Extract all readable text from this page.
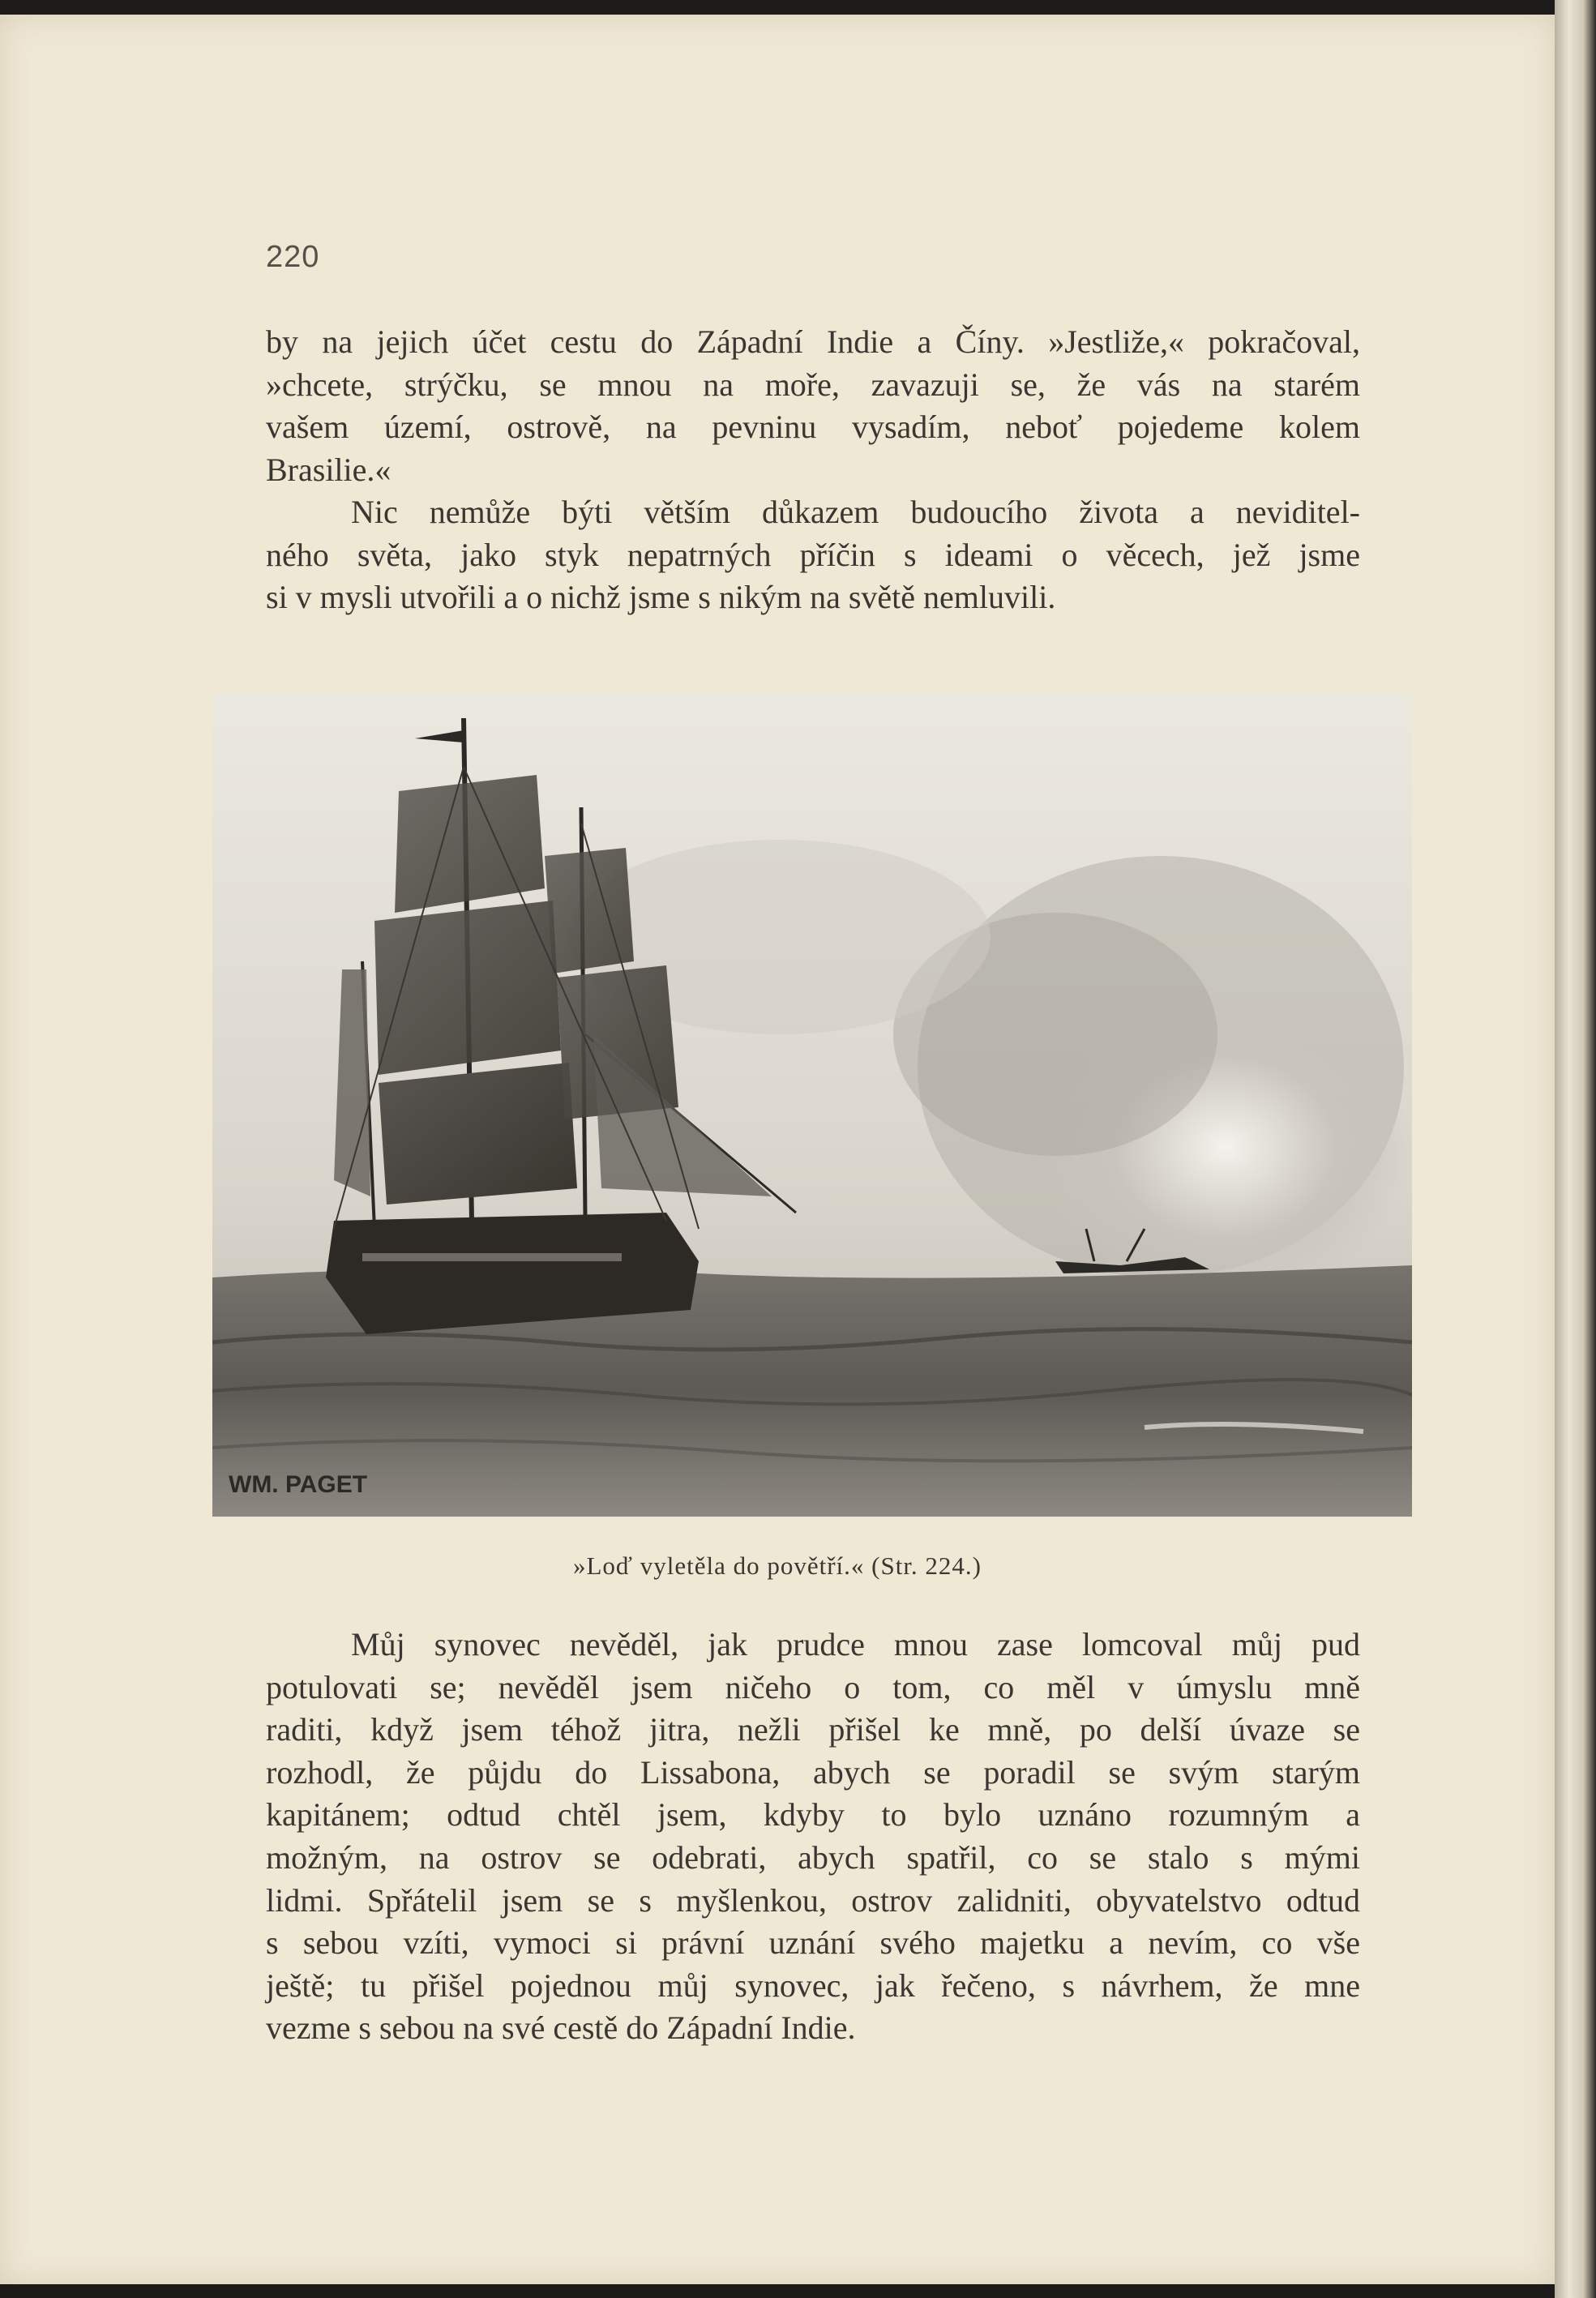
220

by na jejich účet cestu do Západní Indie a Číny. »Jestliže,« pokračoval,
»chcete, strýčku, se mnou na moře, zavazuji se, že vás na starém
vašem území, ostrově, na pevninu vysadím, neboť pojedeme kolem
Brasilie.«

Nic nemůže býti větším důkazem budoucího života a neviditel-
ného světa, jako styk nepatrných příčin s ideami o věcech, jež jsme
si v mysli utvořili a o nichž jsme s nikým na světě nemluvili.

WM. PAGET
»Loď vyletěla do povětří.« (Str. 224.)

Můj synovec nevěděl, jak prudce mnou zase lomcoval můj pud
potulovati se; nevěděl jsem ničeho o tom, co měl v úmyslu mně
raditi, když jsem téhož jitra, nežli přišel ke mně, po delší úvaze se
rozhodl, že půjdu do Lissabona, abych se poradil se svým starým
kapitánem; odtud chtěl jsem, kdyby to bylo uznáno rozumným a
možným, na ostrov se odebrati, abych spatřil, co se stalo s mými
lidmi. Spřátelil jsem se s myšlenkou, ostrov zalidniti, obyvatelstvo odtud
s sebou vzíti, vymoci si právní uznání svého majetku a nevím, co vše
ještě; tu přišel pojednou můj synovec, jak řečeno, s návrhem, že mne
vezme s sebou na své cestě do Západní Indie.
